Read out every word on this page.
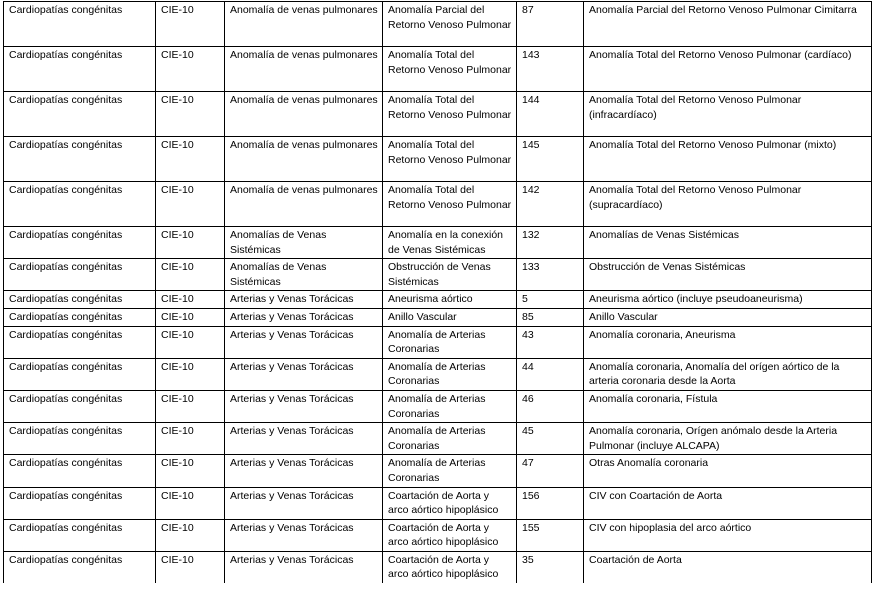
Cardiopatías congénitas	CIE-10	Anomalía de venas pulmonares	Anomalía Parcial del Retorno Venoso Pulmonar	87	Anomalía Parcial del Retorno Venoso Pulmonar Cimitarra
Cardiopatías congénitas	CIE-10	Anomalía de venas pulmonares	Anomalía Total del Retorno Venoso Pulmonar	143	Anomalía Total del Retorno Venoso Pulmonar (cardíaco)
Cardiopatías congénitas	CIE-10	Anomalía de venas pulmonares	Anomalía Total del Retorno Venoso Pulmonar	144	Anomalía Total del Retorno Venoso Pulmonar (infracardíaco)
Cardiopatías congénitas	CIE-10	Anomalía de venas pulmonares	Anomalía Total del Retorno Venoso Pulmonar	145	Anomalía Total del Retorno Venoso Pulmonar (mixto)
Cardiopatías congénitas	CIE-10	Anomalía de venas pulmonares	Anomalía Total del Retorno Venoso Pulmonar	142	Anomalía Total del Retorno Venoso Pulmonar (supracardíaco)
Cardiopatías congénitas	CIE-10	Anomalías de Venas Sistémicas	Anomalía en la conexión de Venas Sistémicas	132	Anomalías de Venas Sistémicas
Cardiopatías congénitas	CIE-10	Anomalías de Venas Sistémicas	Obstrucción de Venas Sistémicas	133	Obstrucción de Venas Sistémicas
Cardiopatías congénitas	CIE-10	Arterias y Venas Torácicas	Aneurisma aórtico	5	Aneurisma aórtico (incluye pseudoaneurisma)
Cardiopatías congénitas	CIE-10	Arterias y Venas Torácicas	Anillo Vascular	85	Anillo Vascular
Cardiopatías congénitas	CIE-10	Arterias y Venas Torácicas	Anomalía de Arterias Coronarias	43	Anomalía coronaria, Aneurisma
Cardiopatías congénitas	CIE-10	Arterias y Venas Torácicas	Anomalía de Arterias Coronarias	44	Anomalía coronaria, Anomalía del orígen aórtico de la arteria coronaria desde la Aorta
Cardiopatías congénitas	CIE-10	Arterias y Venas Torácicas	Anomalía de Arterias Coronarias	46	Anomalía coronaria, Fístula
Cardiopatías congénitas	CIE-10	Arterias y Venas Torácicas	Anomalía de Arterias Coronarias	45	Anomalía coronaria, Orígen anómalo desde la Arteria Pulmonar (incluye ALCAPA)
Cardiopatías congénitas	CIE-10	Arterias y Venas Torácicas	Anomalía de Arterias Coronarias	47	Otras Anomalía coronaria
Cardiopatías congénitas	CIE-10	Arterias y Venas Torácicas	Coartación de Aorta y arco aórtico hipoplásico	156	CIV con Coartación de Aorta
Cardiopatías congénitas	CIE-10	Arterias y Venas Torácicas	Coartación de Aorta y arco aórtico hipoplásico	155	CIV con hipoplasia del arco aórtico
Cardiopatías congénitas	CIE-10	Arterias y Venas Torácicas	Coartación de Aorta y arco aórtico hipoplásico	35	Coartación de Aorta
